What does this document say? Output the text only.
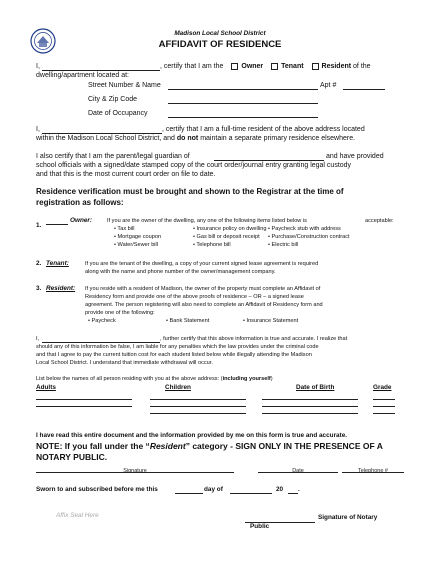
Madison Local School District
AFFIDAVIT OF RESIDENCE
I,	, certify that I am the	Owner	Tenant	Resident of the
dwelling/apartment located at:
Street Number & Name	Apt #
City & Zip Code
Date of Occupancy
I,	, certify that I am a full-time resident of the above address located
within the Madison Local School District, and do not maintain a separate primary residence elsewhere.
I also certify that I am the parent/legal guardian of	and have provided
school officials with a signed/date stamped copy of the court order/journal entry granting legal custody
and that this is the most current court order on file to date.
Residence verification must be brought and shown to the Registrar at the time of
registration as follows:
1.
Owner:	If you are the owner of the dwelling, any one of the following items listed below is	acceptable:
• Tax bill	• Insurance policy on dwelling • Paycheck stub with address
• Mortgage coupon	• Gas bill or deposit receipt • Purchase/Construction contract
• Water/Sewer bill	• Telephone bill	• Electric bill
2. Tenant:	If you are the tenant of the dwelling, a copy of your current signed lease agreement is required
along with the name and phone number of the owner/management company.
3. Resident: If you reside with a resident of Madison, the owner of the property must complete an Affidavit of
Residency form and provide one of the above proofs of residence – OR – a signed lease
agreement. The person registering will also need to complete an Affidavit of Residency form and
provide one of the following:
• Paycheck	• Bank Statement	• Insurance Statement
I,	, further certify that this above information is true and accurate. I realize that
should any of this information be false, I am liable for any penalties which the law provides under the criminal code
and that I agree to pay the current tuition cost for each student listed below while illegally attending the Madison
Local School District. I understand that immediate withdrawal will occur.
List below the names of all person residing with you at the above address: (including yourself)
Adults	Children	Date of Birth	Grade
I have read this entire document and the information provided by me on this form is true and accurate.
NOTE: If you fall under the “Resident” category - SIGN ONLY IN THE PRESENCE OF A
NOTARY PUBLIC.
Signature	Date	Telephone #
Sworn to and subscribed before me this	day of	20 .
Affix Seal Here	Signature of Notary
Public
